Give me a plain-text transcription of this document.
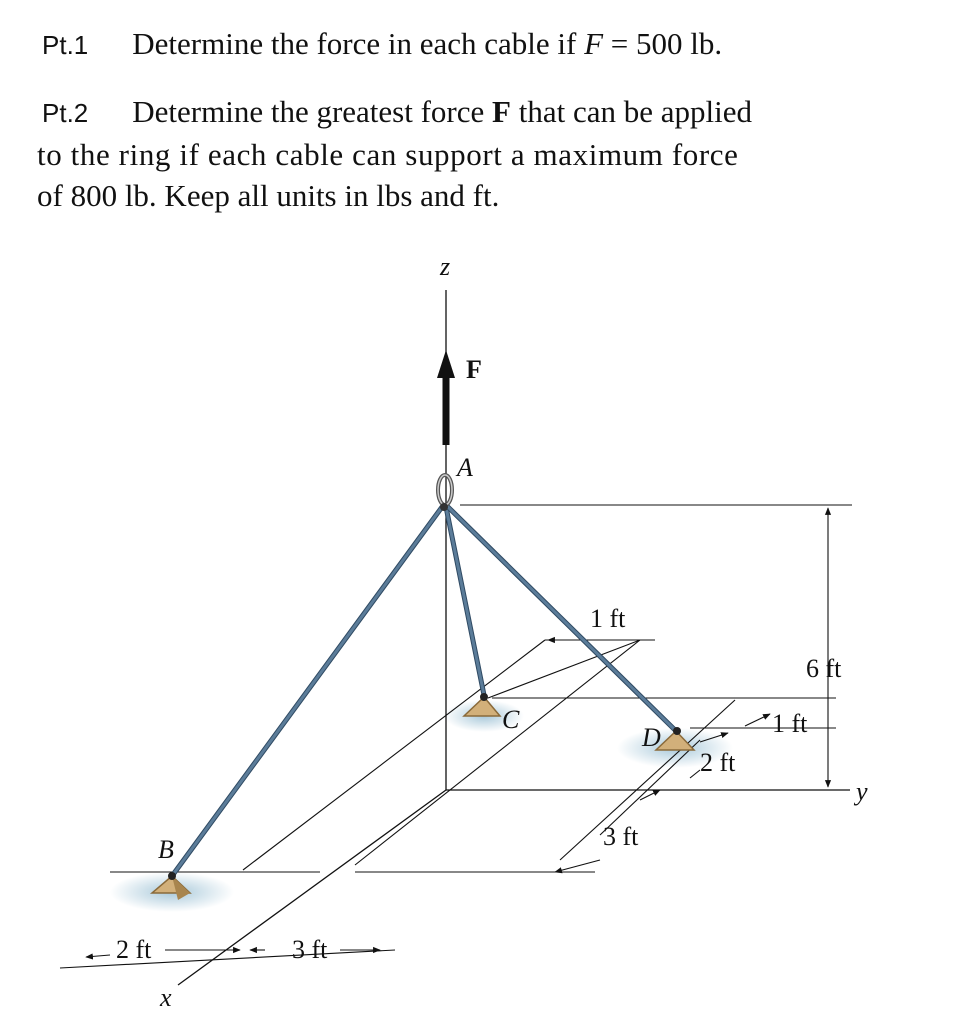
Pt.1 Determine the force in each cable if F = 500 lb.
Pt.2 Determine the greatest force F that can be applied
to the ring if each cable can support a maximum force
of 800 lb. Keep all units in lbs and ft.
z
F
A
B
C
D
6 ft
1 ft
1 ft
2 ft
y
3 ft
2 ft	3 ft
x
